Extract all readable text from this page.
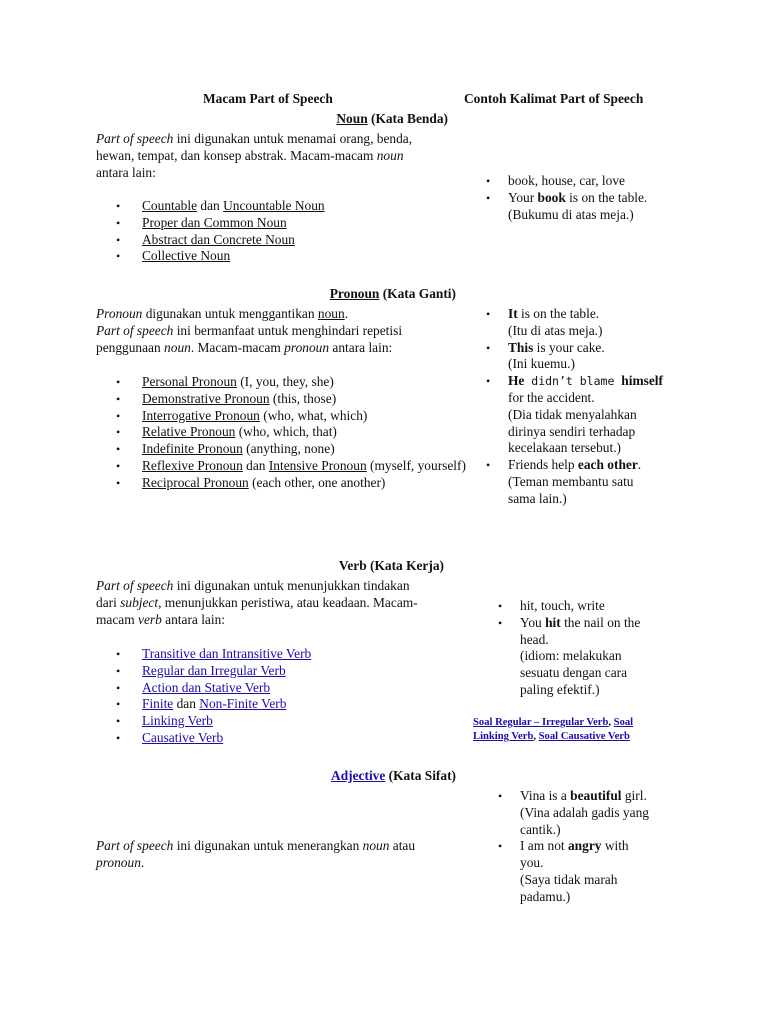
Macam Part of Speech	Contoh Kalimat Part of Speech
Noun (Kata Benda)
Part of speech ini digunakan untuk menamai orang, benda, hewan, tempat, dan konsep abstrak. Macam-macam noun antara lain:
• Countable dan Uncountable Noun
• Proper dan Common Noun
• Abstract dan Concrete Noun
• Collective Noun
• book, house, car, love
• Your book is on the table.
(Bukumu di atas meja.)
Pronoun (Kata Ganti)
Pronoun digunakan untuk menggantikan noun.
Part of speech ini bermanfaat untuk menghindari repetisi
penggunaan noun. Macam-macam pronoun antara lain:
• Personal Pronoun (I, you, they, she)
• Demonstrative Pronoun (this, those)
• Interrogative Pronoun (who, what, which)
• Relative Pronoun (who, which, that)
• Indefinite Pronoun (anything, none)
• Reflexive Pronoun dan Intensive Pronoun (myself, yourself)
• Reciprocal Pronoun (each other, one another)
• It is on the table.
(Itu di atas meja.)
• This is your cake.
(Ini kuemu.)
• He didn’t blame himself
for the accident.
(Dia tidak menyalahkan
dirinya sendiri terhadap
kecelakaan tersebut.)
• Friends help each other.
(Teman membantu satu
sama lain.)
Verb (Kata Kerja)
Part of speech ini digunakan untuk menunjukkan tindakan
dari subject, menunjukkan peristiwa, atau keadaan. Macam-
macam verb antara lain:
• Transitive dan Intransitive Verb
• Regular dan Irregular Verb
• Action dan Stative Verb
• Finite dan Non-Finite Verb
• Linking Verb
• Causative Verb
• hit, touch, write
• You hit the nail on the
head.
(idiom: melakukan
sesuatu dengan cara
paling efektif.)
Soal Regular – Irregular Verb, Soal
Linking Verb, Soal Causative Verb
Adjective (Kata Sifat)
Part of speech ini digunakan untuk menerangkan noun atau
pronoun.
• Vina is a beautiful girl.
(Vina adalah gadis yang
cantik.)
• I am not angry with
you.
(Saya tidak marah
padamu.)
